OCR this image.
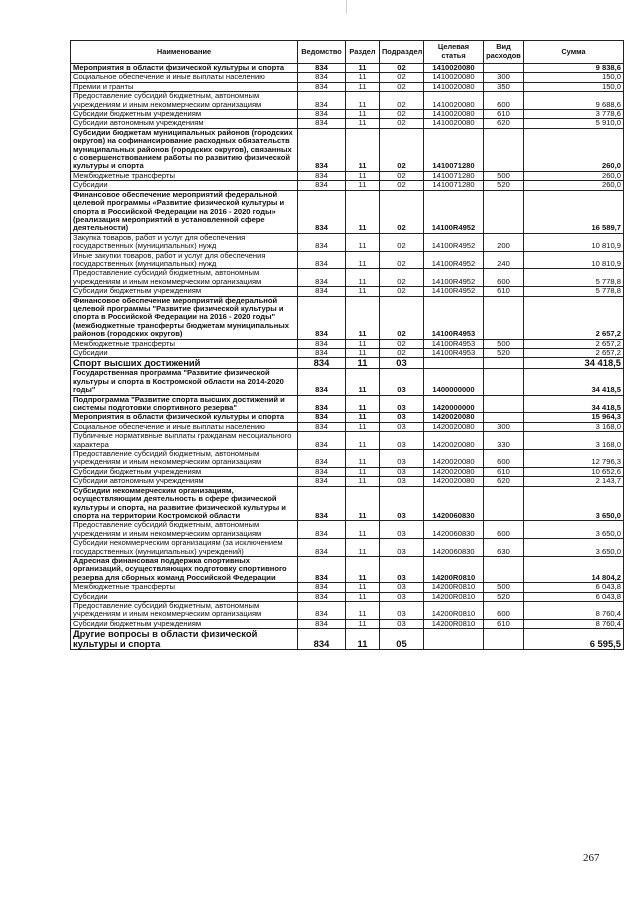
Наименование	Ведомство	Раздел	Подраздел	Целевая статья	Вид расходов	Сумма
Мероприятия в области физической культуры и спорта	834	11	02	1410020080		9 838,6
Социальное обеспечение и иные выплаты населению	834	11	02	1410020080	300	150,0
Премии и гранты	834	11	02	1410020080	350	150,0
Предоставление субсидий бюджетным, автономным учреждениям и иным некоммерческим организациям	834	11	02	1410020080	600	9 688,6
Субсидии бюджетным учреждениям	834	11	02	1410020080	610	3 778,6
Субсидии автономным учреждениям	834	11	02	1410020080	620	5 910,0
Субсидии бюджетам муниципальных районов (городских округов) на софинансирование расходных обязательств муниципальных районов (городских округов), связанных с совершенствованием работы по развитию физической культуры и спорта	834	11	02	1410071280		260,0
Межбюджетные трансферты	834	11	02	1410071280	500	260,0
Субсидии	834	11	02	1410071280	520	260,0
Финансовое обеспечение мероприятий федеральной целевой программы «Развитие физической культуры и спорта в Российской Федерации на 2016 - 2020 годы» (реализация мероприятий в установленной сфере деятельности)	834	11	02	14100R4952		16 589,7
Закупка товаров, работ и услуг для обеспечения государственных (муниципальных) нужд	834	11	02	14100R4952	200	10 810,9
Иные закупки товаров, работ и услуг для обеспечения государственных (муниципальных) нужд	834	11	02	14100R4952	240	10 810,9
Предоставление субсидий бюджетным, автономным учреждениям и иным некоммерческим организациям	834	11	02	14100R4952	600	5 778,8
Субсидии бюджетным учреждениям	834	11	02	14100R4952	610	5 778,8
Финансовое обеспечение мероприятий федеральной целевой программы "Развитие физической культуры и спорта в Российской Федерации на 2016 - 2020 годы" (межбюджетные трансферты бюджетам муниципальных районов (городских округов)	834	11	02	14100R4953		2 657,2
Межбюджетные трансферты	834	11	02	14100R4953	500	2 657,2
Субсидии	834	11	02	14100R4953	520	2 657,2
Спорт высших достижений	834	11	03			34 418,5
Государственная программа "Развитие физической культуры и спорта в Костромской области на 2014-2020 годы"	834	11	03	1400000000		34 418,5
Подпрограмма "Развитие спорта высших достижений и системы подготовки спортивного резерва"	834	11	03	1420000000		34 418,5
Мероприятия в области физической культуры и спорта	834	11	03	1420020080		15 964,3
Социальное обеспечение и иные выплаты населению	834	11	03	1420020080	300	3 168,0
Публичные нормативные выплаты гражданам несоциального характера	834	11	03	1420020080	330	3 168,0
Предоставление субсидий бюджетным, автономным учреждениям и иным некоммерческим организациям	834	11	03	1420020080	600	12 796,3
Субсидии бюджетным учреждениям	834	11	03	1420020080	610	10 652,6
Субсидии автономным учреждениям	834	11	03	1420020080	620	2 143,7
Субсидии некоммерческим организациям, осуществляющим деятельность в сфере физической культуры и спорта, на развитие физической культуры и спорта на территории Костромской области	834	11	03	1420060830		3 650,0
Предоставление субсидий бюджетным, автономным учреждениям и иным некоммерческим организациям	834	11	03	1420060830	600	3 650,0
Субсидии некоммерческим организациям (за исключением государственных (муниципальных) учреждений)	834	11	03	1420060830	630	3 650,0
Адресная финансовая поддержка спортивных организаций, осуществляющих подготовку спортивного резерва для сборных команд Российской Федерации	834	11	03	14200R0810		14 804,2
Межбюджетные трансферты	834	11	03	14200R0810	500	6 043,8
Субсидии	834	11	03	14200R0810	520	6 043,8
Предоставление субсидий бюджетным, автономным учреждениям и иным некоммерческим организациям	834	11	03	14200R0810	600	8 760,4
Субсидии бюджетным учреждениям	834	11	03	14200R0810	610	8 760,4
Другие вопросы в области физической культуры и спорта	834	11	05			6 595,5
267
